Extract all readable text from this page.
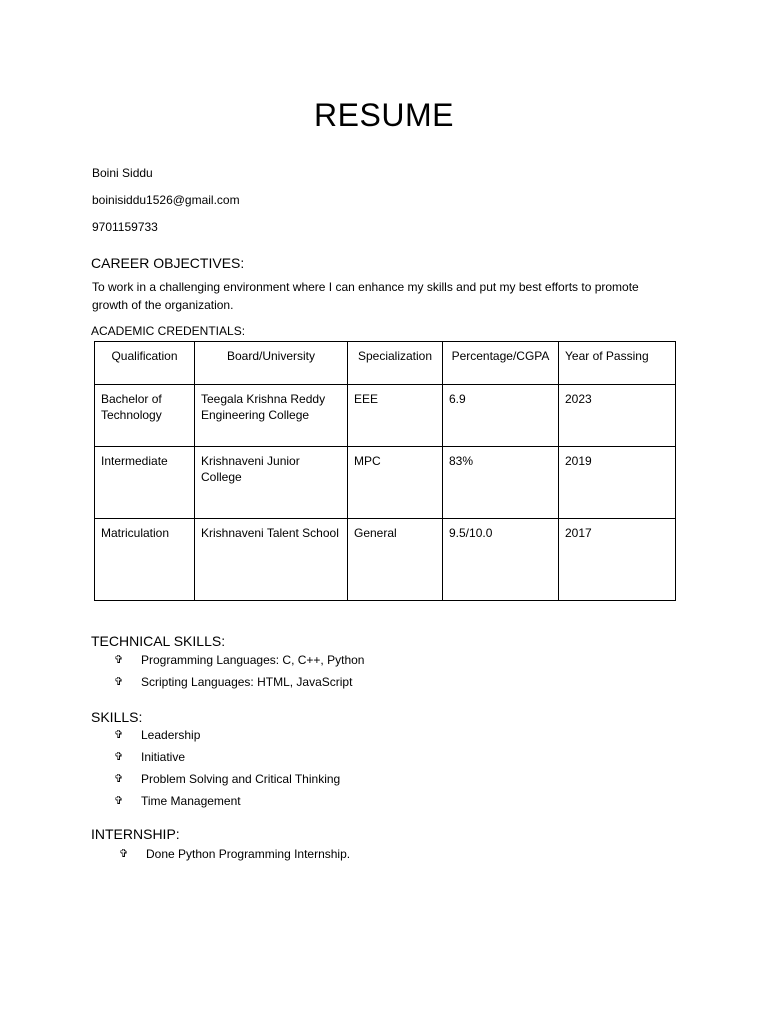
RESUME
Boini Siddu
boinisiddu1526@gmail.com
9701159733
CAREER OBJECTIVES:
To work in a challenging environment where I can enhance my skills and put my best efforts to promote growth of the organization.
ACADEMIC CREDENTIALS:
Qualification	Board/University	Specialization	Percentage/CGPA	Year of Passing
Bachelor of Technology	Teegala Krishna Reddy Engineering College	EEE	6.9	2023
Intermediate	Krishnaveni Junior College	MPC	83%	2019
Matriculation	Krishnaveni Talent School	General	9.5/10.0	2017
TECHNICAL SKILLS:
✞	Programming Languages: C, C++, Python
✞	Scripting Languages: HTML, JavaScript
SKILLS:
✞	Leadership
✞	Initiative
✞	Problem Solving and Critical Thinking
✞	Time Management
INTERNSHIP:
✞	Done Python Programming Internship.
